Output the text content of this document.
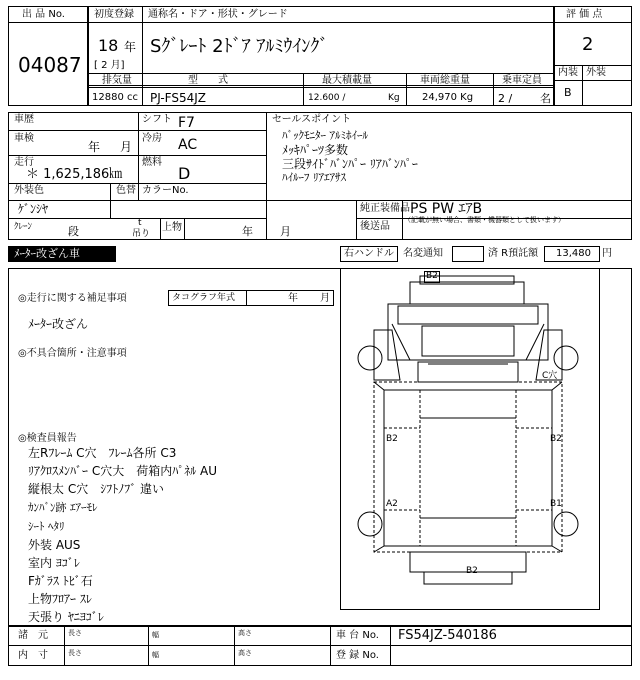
出 品 No.
04087
初度登録 通称名・ドア・形状・グレード
18 年
[ 2 月]
Sｸﾞﾚｰﾄ 2ﾄﾞｱ ｱﾙﾐｳｲﾝｸﾞ
評 価 点
2
内装 外装
B
排気量
12880 cc
型　　式
PJ-FS54JZ
最大積載量
12.600 /	Kg
車両総重量
24,970 Kg
乗車定員
2 /	名
車歴	シフト F7
車検
年 月
冷房 AC
走行
＊ 1,625,186㎞
燃料
D
外装色
ｹﾞﾝｼﾔ
色替 カラーNo.
ｸﾚｰﾝ	段
t
吊り
上物	年 月
セールスポイント
ﾊﾞｯｸﾓﾆﾀｰ ｱﾙﾐﾎｲｰﾙ
ﾒｯｷﾊﾟｰﾂ多数
三段ｻｲﾄﾞﾊﾞﾝﾊﾟｰ ﾘｱﾊﾞﾝﾊﾟｰ
ﾊｲﾙｰﾌ ﾘｱｴｱｻｽ
純正装備品 PS PW ｴｱB
後送品
（記載が無い場合、書類・機器類として扱います）
ﾒｰﾀｰ改ざん車	右ハンドル 名変通知	済 R預託額 13,480 円
◎走行に関する補足事項	タコグラフ年式	年 月
ﾒｰﾀｰ改ざん
◎不具合箇所・注意事項
◎検査員報告
左Rﾌﾚｰﾑ C穴　ﾌﾚｰﾑ各所 C3
ﾘｱｸﾛｽﾒﾝﾊﾞｰ C穴大　荷箱内ﾊﾟﾈﾙ AU
縦根太 C穴　ｼﾌﾄﾉﾌﾞ 違い
ｶﾝﾊﾞﾝ跡 ｴｱｰﾓﾚ
ｼｰﾄ ﾍﾀﾘ
外装 AUS
室内 ﾖｺﾞﾚ
Fｶﾞﾗｽ ﾄﾋﾞ石
上物ﾌﾛｱｰ ｽﾚ
天張り ﾔﾆﾖｺﾞﾚ
B2
C穴
B2	B2
A2	B1
B2
諸　元
内　寸
長さ	幅	高さ
長さ	幅	高さ
車 台 No. FS54JZ-540186
登 録 No.
